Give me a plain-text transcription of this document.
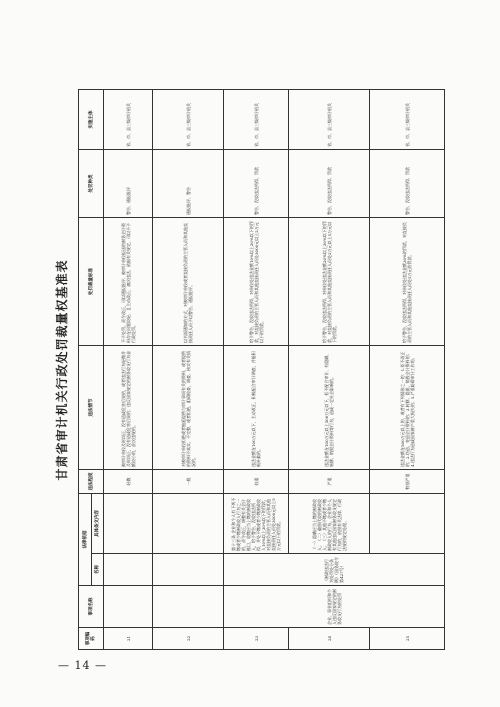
甘肃省审计机关行政处罚裁量权基准表
事项编码	事项名称	法律依据		违法程度	违法情节	处罚裁量标准	处罚种类	实施主体
		名称	具体条文内容					
21				轻微	被审计单位及时纠正，没有造成危害后果的，或者违法行为轻微并及时纠正，没有造成危害后果的；违反国家规定的财务收支行为金额较小的，首次违规的。	不予处罚。责令改正，可以通报批评；被审计单位报送的财务会计资料存在问题较轻，且主动改正、初次违法，依据有关规定，可以不予行政处罚。	警告、通报批评	省、市、县三级审计机关
22				一般	对被审计单位拒绝或者拖延提供与审计事项有关的资料，或者提供的资料不真实、不完整，或者拒绝、阻碍检查、调查、核实有关情况的。	以书面通知的方式，对被审计单位或者直接负责的主管人员和其他直接责任人员予以警告、通报批评。	通报批评、警告	省、市、县三级审计机关
23	企业、事业组织和个人违反国家规定的财务收支行为的处罚	《财政违法行为处罚处分条例》（国务院令第427号）	第十三条 企业和个人有下列不缴或者少缴财政收入行为之一的，责令改正，调整有关会计账目，收缴应当上缴的财政收入，给予警告，没收违法所得，并处不缴或者少缴财政收入10%以上30%以下的罚款；对直接负责的主管人员和其他直接责任人员处3000元以上5万元以下的罚款。	较重	违法金额在100万元以下，主动改正，积极配合审计调查，并能积极补救的。	给予警告，没收违法所得，对单位处违法金额10%以上20%以下的罚款，对直接负责的主管人员和其他直接责任人员处3000元以上2万元以下的罚款。	警告、没收违法所得、罚款	省、市、县三级审计机关
24			（一）隐瞒应当上缴的财政收入；（二）截留代收的财政收入；（三）其他不缴或者少缴财政收入的行为。企业和个人有其他违反国家财务收支规定行为的，依照有关法律、行政法规的规定处理。	严重	违法金额在100万元以上500万元以下，拒不配合审计、有隐瞒、转移、销毁会计资料等行为，造成一定社会影响的。	给予警告，没收违法所得，对单位处违法金额20%以上30%以下的罚款，对直接负责的主管人员和其他直接责任人员处2万元以上5万元以下的罚款。	警告、没收违法所得、罚款	省、市、县三级审计机关
25				特别严重	违法金额在500万元以上的，或者有下列情形之一的：1.拒不改正的；2.伪造、变造会计资料的；3.转移、隐匿、销毁会计资料的；4.违法行为造成国家财产重大损失的；5.严重妨碍审计工作的。	给予警告，没收违法所得，对单位处违法金额30%的罚款，对直接负责的主管人员和其他直接责任人员处5万元的罚款。	警告、没收违法所得、罚款	省、市、县三级审计机关
— 14 —
